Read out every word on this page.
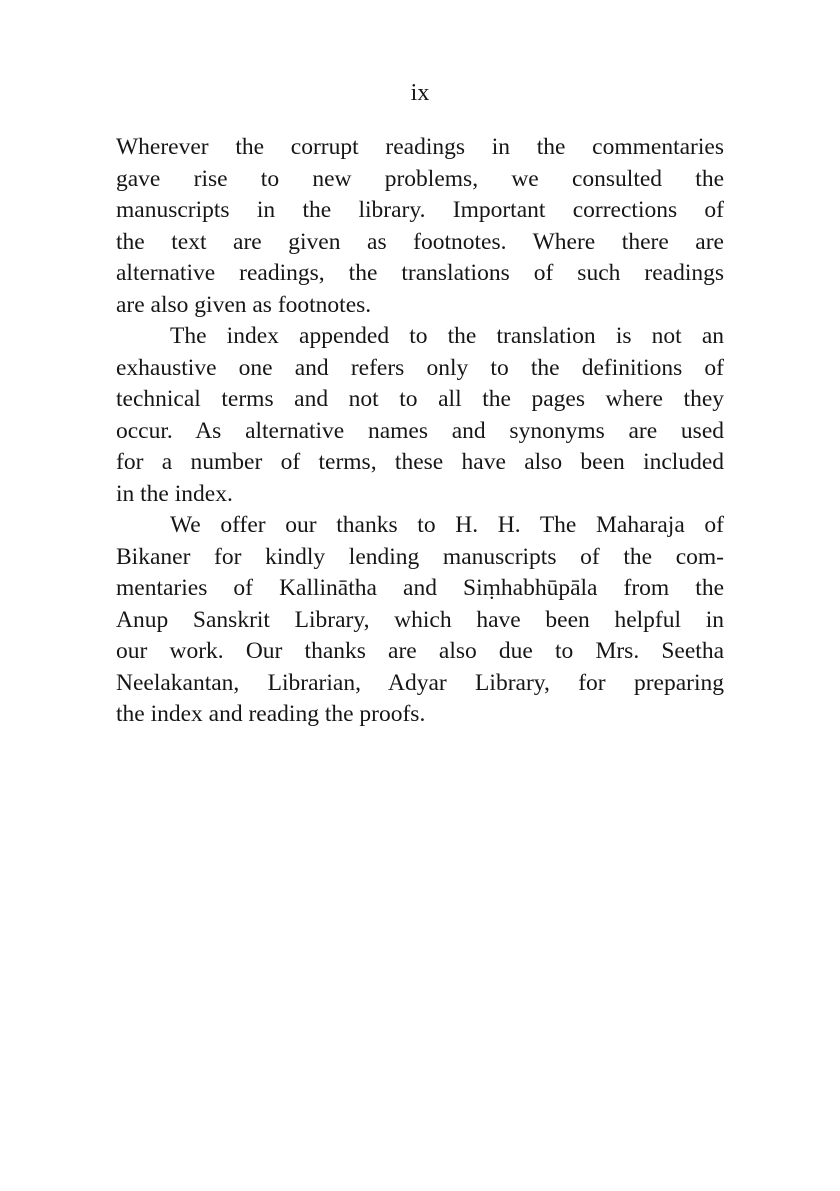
ix
Wherever the corrupt readings in the commentaries
gave rise to new problems, we consulted the
manuscripts in the library. Important corrections of
the text are given as footnotes. Where there are
alternative readings, the translations of such readings
are also given as footnotes.
The index appended to the translation is not an
exhaustive one and refers only to the definitions of
technical terms and not to all the pages where they
occur. As alternative names and synonyms are used
for a number of terms, these have also been included
in the index.
We offer our thanks to H. H. The Maharaja of
Bikaner for kindly lending manuscripts of the com-
mentaries of Kallinātha and Siṃhabhūpāla from the
Anup Sanskrit Library, which have been helpful in
our work. Our thanks are also due to Mrs. Seetha
Neelakantan, Librarian, Adyar Library, for preparing
the index and reading the proofs.
